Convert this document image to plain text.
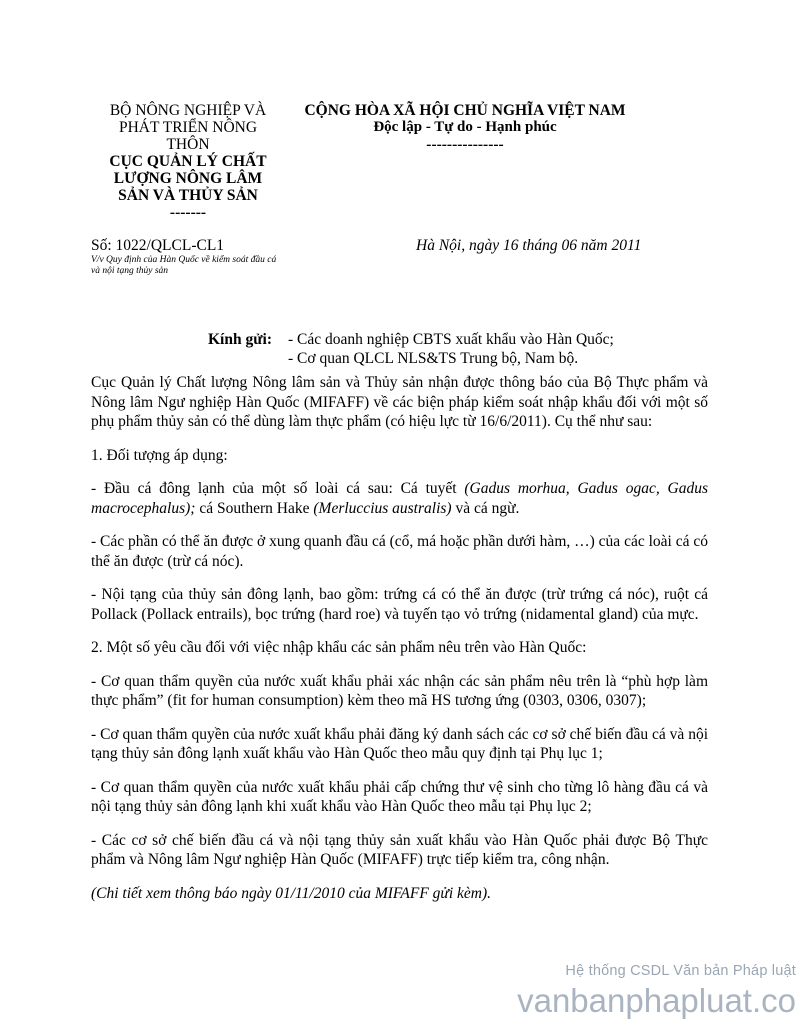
BỘ NÔNG NGHIỆP VÀ
PHÁT TRIỂN NÔNG
THÔN
CỤC QUẢN LÝ CHẤT
LƯỢNG NÔNG LÂM
SẢN VÀ THỦY SẢN
-------
CỘNG HÒA XÃ HỘI CHỦ NGHĨA VIỆT NAM
Độc lập - Tự do - Hạnh phúc
---------------
Số: 1022/QLCL-CL1
V/v Quy định của Hàn Quốc về kiểm soát đầu cá và nội tạng thủy sản
Hà Nội, ngày 16 tháng 06 năm 2011
Kính gửi: - Các doanh nghiệp CBTS xuất khẩu vào Hàn Quốc;
- Cơ quan QLCL NLS&TS Trung bộ, Nam bộ.

Cục Quản lý Chất lượng Nông lâm sản và Thủy sản nhận được thông báo của Bộ Thực phẩm và Nông lâm Ngư nghiệp Hàn Quốc (MIFAFF) về các biện pháp kiểm soát nhập khẩu đối với một số phụ phẩm thủy sản có thể dùng làm thực phẩm (có hiệu lực từ 16/6/2011). Cụ thể như sau:

1. Đối tượng áp dụng:

- Đầu cá đông lạnh của một số loài cá sau: Cá tuyết (Gadus morhua, Gadus ogac, Gadus macrocephalus); cá Southern Hake (Merluccius australis) và cá ngừ.

- Các phần có thể ăn được ở xung quanh đầu cá (cổ, má hoặc phần dưới hàm, …) của các loài cá có thể ăn được (trừ cá nóc).

- Nội tạng của thủy sản đông lạnh, bao gồm: trứng cá có thể ăn được (trừ trứng cá nóc), ruột cá Pollack (Pollack entrails), bọc trứng (hard roe) và tuyến tạo vỏ trứng (nidamental gland) của mực.

2. Một số yêu cầu đối với việc nhập khẩu các sản phẩm nêu trên vào Hàn Quốc:

- Cơ quan thẩm quyền của nước xuất khẩu phải xác nhận các sản phẩm nêu trên là “phù hợp làm thực phẩm” (fit for human consumption) kèm theo mã HS tương ứng (0303, 0306, 0307);

- Cơ quan thẩm quyền của nước xuất khẩu phải đăng ký danh sách các cơ sở chế biến đầu cá và nội tạng thủy sản đông lạnh xuất khẩu vào Hàn Quốc theo mẫu quy định tại Phụ lục 1;

- Cơ quan thẩm quyền của nước xuất khẩu phải cấp chứng thư vệ sinh cho từng lô hàng đầu cá và nội tạng thủy sản đông lạnh khi xuất khẩu vào Hàn Quốc theo mẫu tại Phụ lục 2;

- Các cơ sở chế biến đầu cá và nội tạng thủy sản xuất khẩu vào Hàn Quốc phải được Bộ Thực phẩm và Nông lâm Ngư nghiệp Hàn Quốc (MIFAFF) trực tiếp kiểm tra, công nhận.

(Chi tiết xem thông báo ngày 01/11/2010 của MIFAFF gửi kèm).

Hệ thống CSDL Văn bản Pháp luật
vanbanphapluat.co
